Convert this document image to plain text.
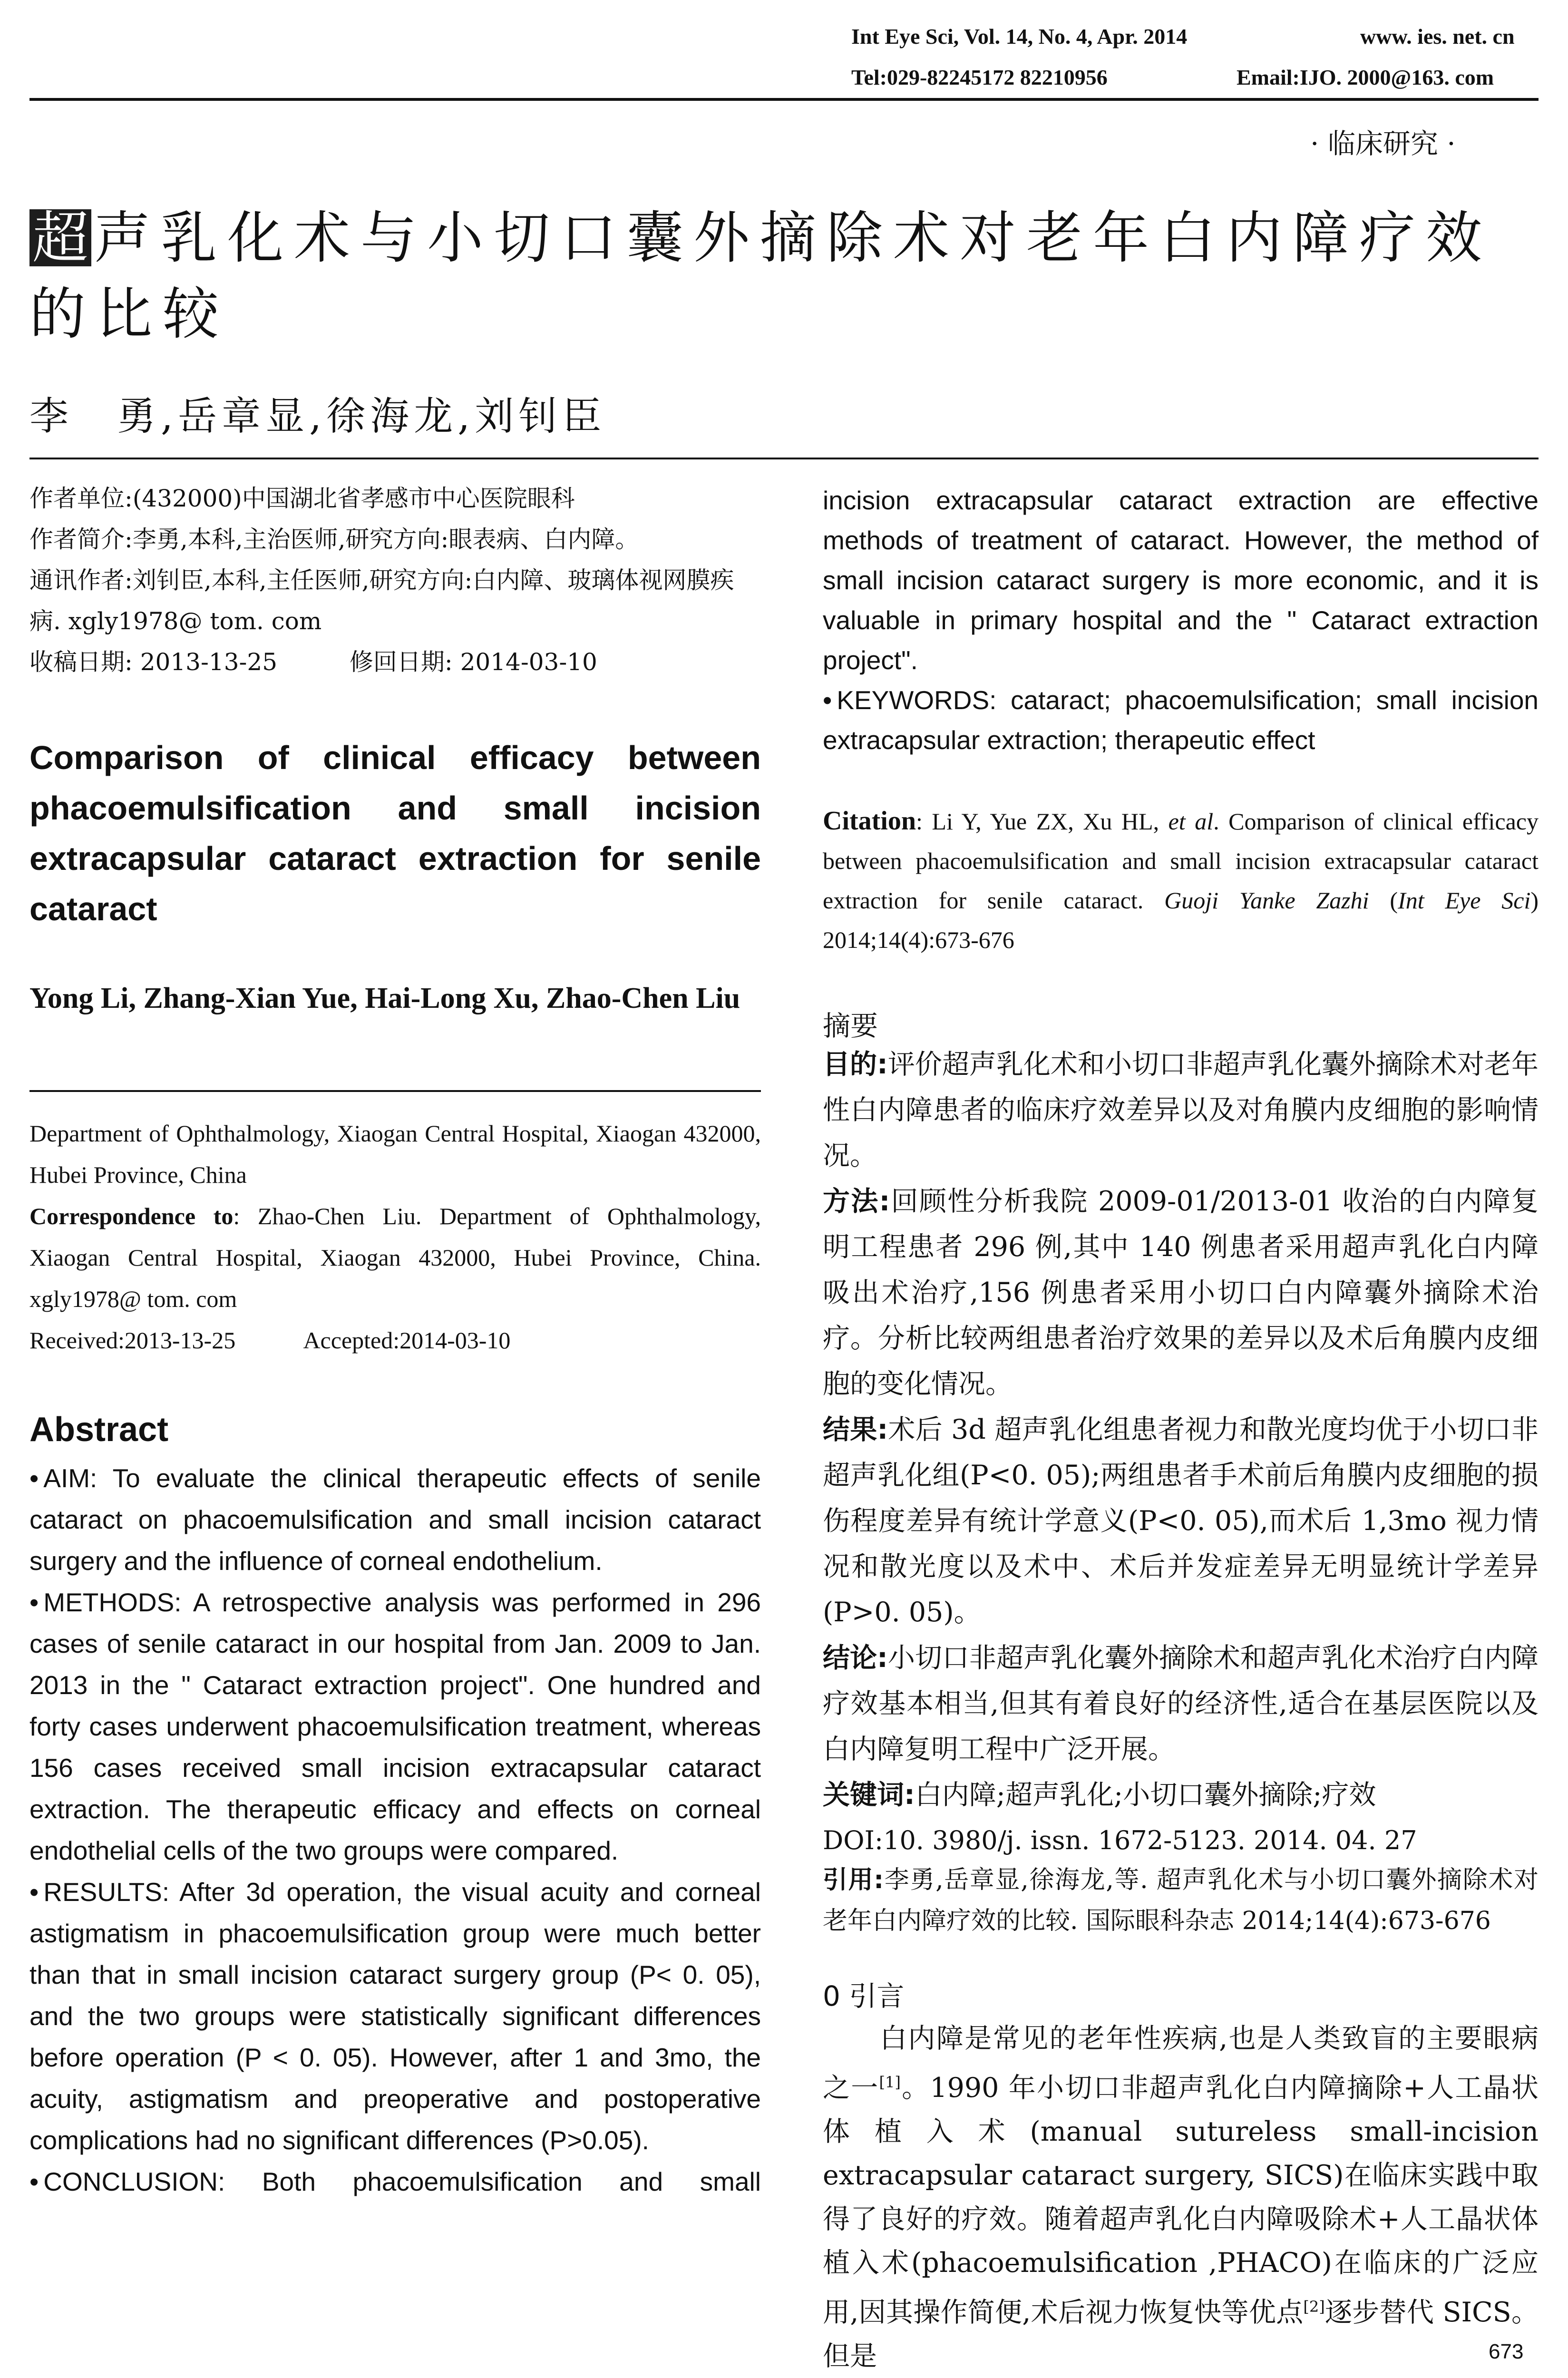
Int Eye Sci, Vol. 14, No. 4, Apr. 2014	www. ies. net. cn
Tel:029-82245172 82210956	Email:IJO. 2000@163. com
· 临床研究 ·
超 声乳化术与小切口囊外摘除术对老年白内障疗效的比较
李　勇,岳章显,徐海龙,刘钊臣
作者单位:(432000)中国湖北省孝感市中心医院眼科
作者简介:李勇,本科,主治医师,研究方向:眼表病、白内障。
通讯作者:刘钊臣,本科,主任医师,研究方向:白内障、玻璃体视网膜疾病. xgly1978@ tom. com
收稿日期: 2013-13-25	修回日期: 2014-03-10
Comparison of clinical efficacy between phacoemulsification and small incision extracapsular cataract extraction for senile cataract
Yong Li, Zhang-Xian Yue, Hai-Long Xu, Zhao-Chen Liu
Department of Ophthalmology, Xiaogan Central Hospital, Xiaogan 432000, Hubei Province, China
Correspondence to: Zhao-Chen Liu. Department of Ophthalmology, Xiaogan Central Hospital, Xiaogan 432000, Hubei Province, China. xgly1978@ tom. com
Received:2013-13-25	Accepted:2014-03-10
Abstract

• AIM: To evaluate the clinical therapeutic effects of senile cataract on phacoemulsification and small incision cataract surgery and the influence of corneal endothelium.

• METHODS: A retrospective analysis was performed in 296 cases of senile cataract in our hospital from Jan. 2009 to Jan. 2013 in the " Cataract extraction project". One hundred and forty cases underwent phacoemulsification treatment, whereas 156 cases received small incision extracapsular cataract extraction. The therapeutic efficacy and effects on corneal endothelial cells of the two groups were compared.

• RESULTS: After 3d operation, the visual acuity and corneal astigmatism in phacoemulsification group were much better than that in small incision cataract surgery group (P< 0. 05), and the two groups were statistically significant differences before operation (P < 0. 05). However, after 1 and 3mo, the acuity, astigmatism and preoperative and postoperative complications had no significant differences (P>0.05).

• CONCLUSION: Both phacoemulsification and small

incision extracapsular cataract extraction are effective methods of treatment of cataract. However, the method of small incision cataract surgery is more economic, and it is valuable in primary hospital and the " Cataract extraction project".

• KEYWORDS: cataract; phacoemulsification; small incision extracapsular extraction; therapeutic effect

Citation: Li Y, Yue ZX, Xu HL, et al. Comparison of clinical efficacy between phacoemulsification and small incision extracapsular cataract extraction for senile cataract. Guoji Yanke Zazhi (Int Eye Sci) 2014;14(4):673-676
摘要

目的:评价超声乳化术和小切口非超声乳化囊外摘除术对老年性白内障患者的临床疗效差异以及对角膜内皮细胞的影响情况。

方法:回顾性分析我院 2009-01/2013-01 收治的白内障复明工程患者 296 例,其中 140 例患者采用超声乳化白内障吸出术治疗,156 例患者采用小切口白内障囊外摘除术治疗。分析比较两组患者治疗效果的差异以及术后角膜内皮细胞的变化情况。

结果:术后 3d 超声乳化组患者视力和散光度均优于小切口非超声乳化组(P<0. 05);两组患者手术前后角膜内皮细胞的损伤程度差异有统计学意义(P<0. 05),而术后 1,3mo 视力情况和散光度以及术中、术后并发症差异无明显统计学差异(P>0. 05)。

结论:小切口非超声乳化囊外摘除术和超声乳化术治疗白内障疗效基本相当,但其有着良好的经济性,适合在基层医院以及白内障复明工程中广泛开展。

关键词:白内障;超声乳化;小切口囊外摘除;疗效

DOI:10. 3980/j. issn. 1672-5123. 2014. 04. 27

引用:李勇,岳章显,徐海龙,等. 超声乳化术与小切口囊外摘除术对老年白内障疗效的比较. 国际眼科杂志 2014;14(4):673-676
0 引言

白内障是常见的老年性疾病,也是人类致盲的主要眼病之一[1]。1990 年小切口非超声乳化白内障摘除+人工晶状体植入术(manual sutureless small-incision extracapsular cataract surgery, SICS)在临床实践中取得了良好的疗效。随着超声乳化白内障吸除术+人工晶状体植入术(phacoemulsification ,PHACO)在临床的广泛应用,因其操作简便,术后视力恢复快等优点[2]逐步替代 SICS。但是	673
